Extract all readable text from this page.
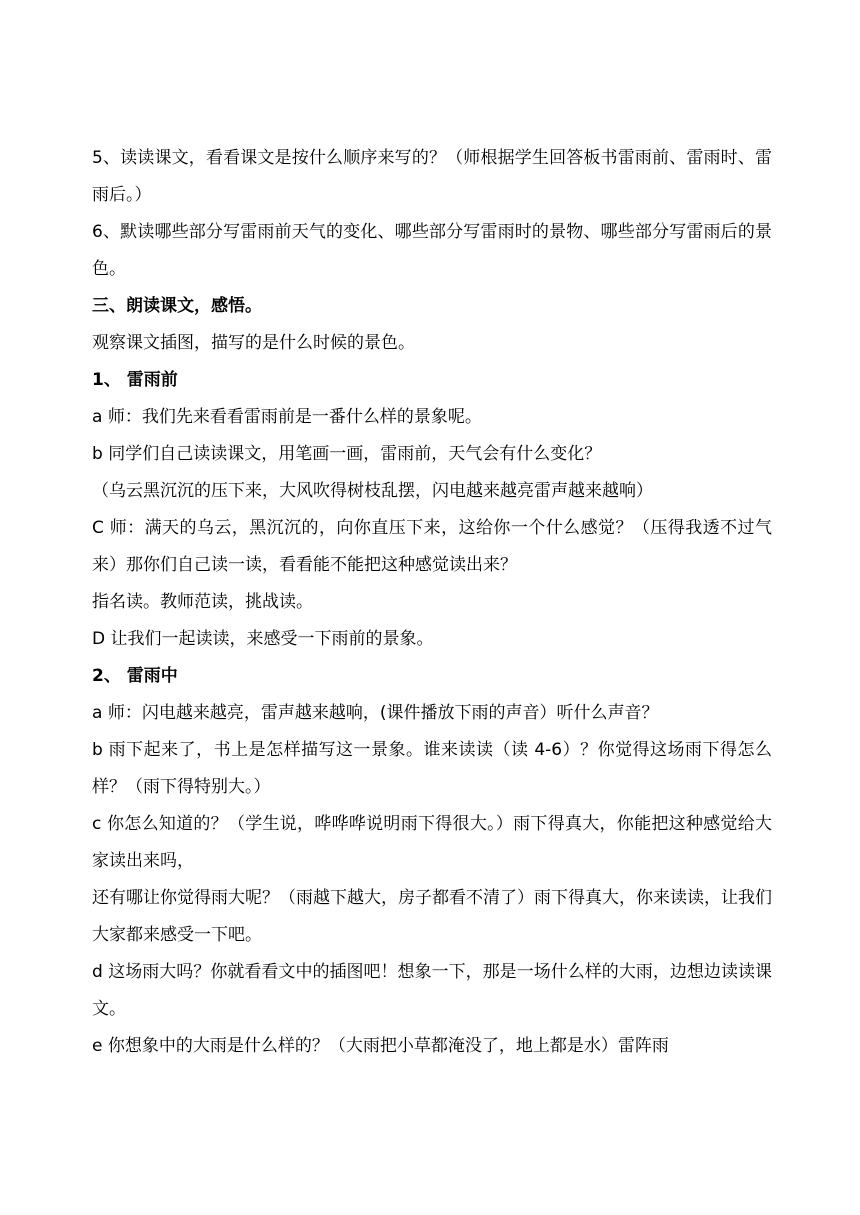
5、读读课文，看看课文是按什么顺序来写的？（师根据学生回答板书雷雨前、雷雨时、雷雨后。）

6、默读哪些部分写雷雨前天气的变化、哪些部分写雷雨时的景物、哪些部分写雷雨后的景色。

三、朗读课文，感悟。

观察课文插图，描写的是什么时候的景色。

1、 雷雨前

a 师：我们先来看看雷雨前是一番什么样的景象呢。

b 同学们自己读读课文，用笔画一画，雷雨前，天气会有什么变化？

（乌云黑沉沉的压下来，大风吹得树枝乱摆，闪电越来越亮雷声越来越响）

C 师：满天的乌云，黑沉沉的，向你直压下来，这给你一个什么感觉？（压得我透不过气来）那你们自己读一读，看看能不能把这种感觉读出来？

指名读。教师范读，挑战读。

D 让我们一起读读，来感受一下雨前的景象。

2、 雷雨中

a 师：闪电越来越亮，雷声越来越响，(课件播放下雨的声音）听什么声音？

b 雨下起来了，书上是怎样描写这一景象。谁来读读（读 4-6）？你觉得这场雨下得怎么样？（雨下得特别大。）

c 你怎么知道的？（学生说，哗哗哗说明雨下得很大。）雨下得真大，你能把这种感觉给大家读出来吗，

还有哪让你觉得雨大呢？（雨越下越大，房子都看不清了）雨下得真大，你来读读，让我们大家都来感受一下吧。

d 这场雨大吗？你就看看文中的插图吧！想象一下，那是一场什么样的大雨，边想边读读课文。

e 你想象中的大雨是什么样的？（大雨把小草都淹没了，地上都是水）雷阵雨
